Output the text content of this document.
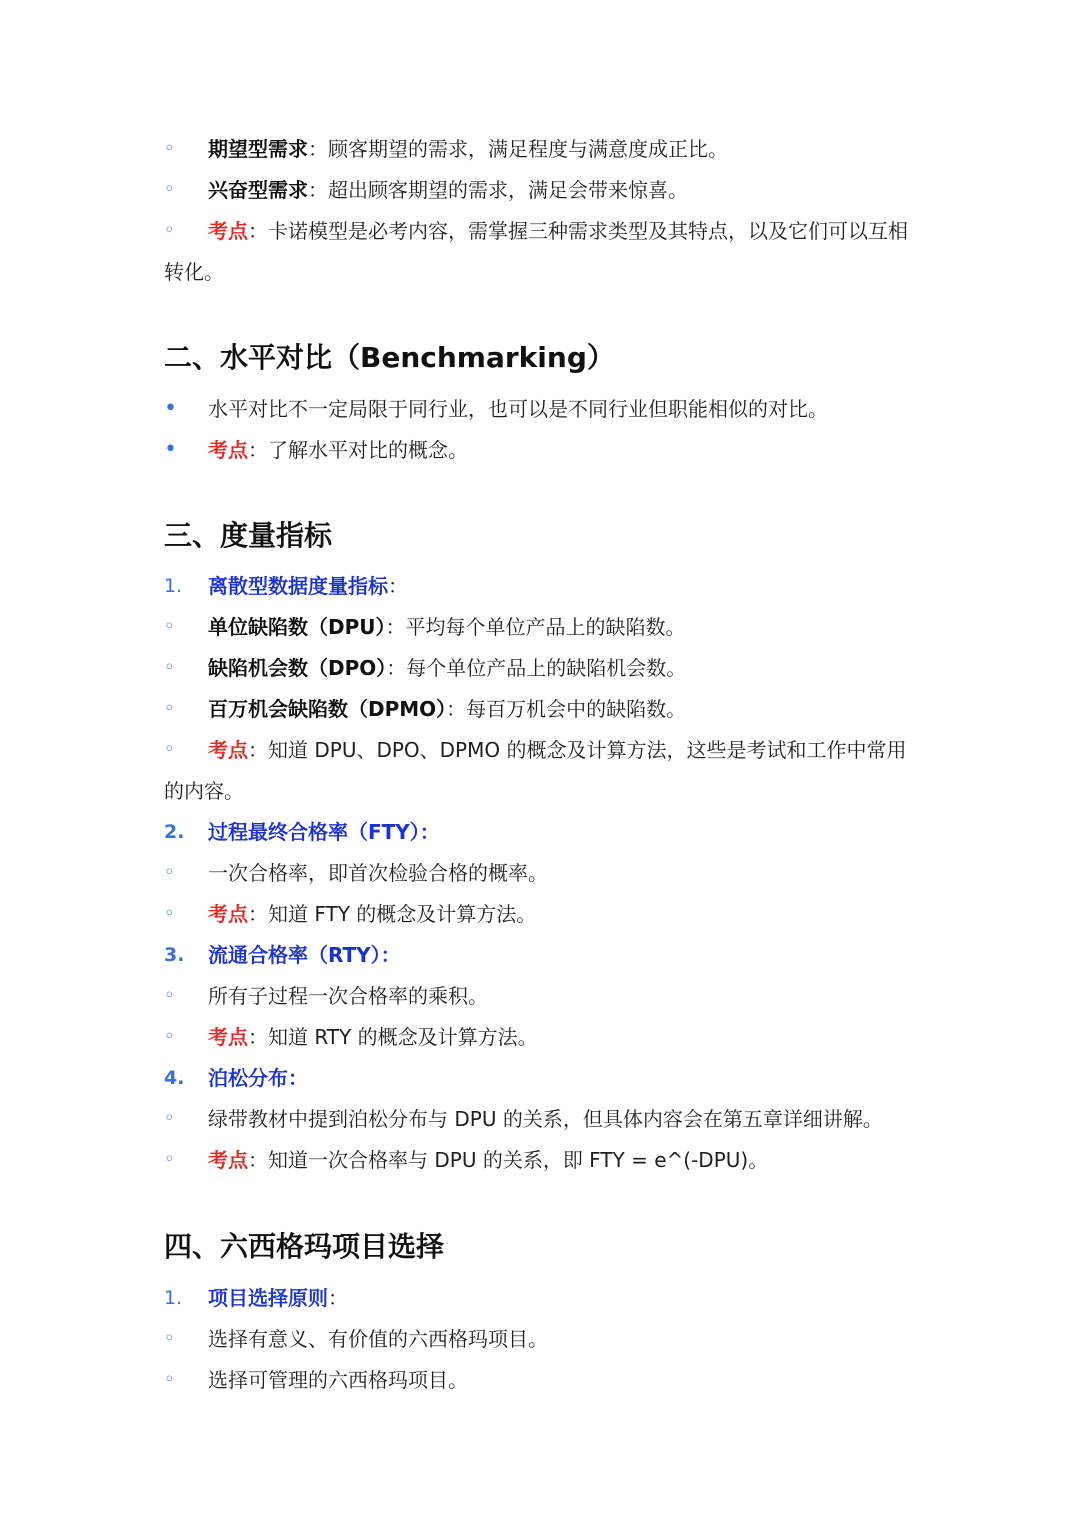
◦	期望型需求：顾客期望的需求，满足程度与满意度成正比。
◦	兴奋型需求：超出顾客期望的需求，满足会带来惊喜。
◦	考点：卡诺模型是必考内容，需掌握三种需求类型及其特点，以及它们可以互相
转化。
二、水平对比（Benchmarking）
•	水平对比不一定局限于同行业，也可以是不同行业但职能相似的对比。
•	考点：了解水平对比的概念。
三、度量指标
1.	离散型数据度量指标：
◦	单位缺陷数（DPU）：平均每个单位产品上的缺陷数。
◦	缺陷机会数（DPO）：每个单位产品上的缺陷机会数。
◦	百万机会缺陷数（DPMO）：每百万机会中的缺陷数。
◦	考点：知道 DPU、DPO、DPMO 的概念及计算方法，这些是考试和工作中常用
的内容。
2.	过程最终合格率（FTY）：
◦	一次合格率，即首次检验合格的概率。
◦	考点：知道 FTY 的概念及计算方法。
3.	流通合格率（RTY）：
◦	所有子过程一次合格率的乘积。
◦	考点：知道 RTY 的概念及计算方法。
4.	泊松分布：
◦	绿带教材中提到泊松分布与 DPU 的关系，但具体内容会在第五章详细讲解。
◦	考点：知道一次合格率与 DPU 的关系，即 FTY = e^(-DPU)。
四、六西格玛项目选择
1.	项目选择原则：
◦	选择有意义、有价值的六西格玛项目。
◦	选择可管理的六西格玛项目。
